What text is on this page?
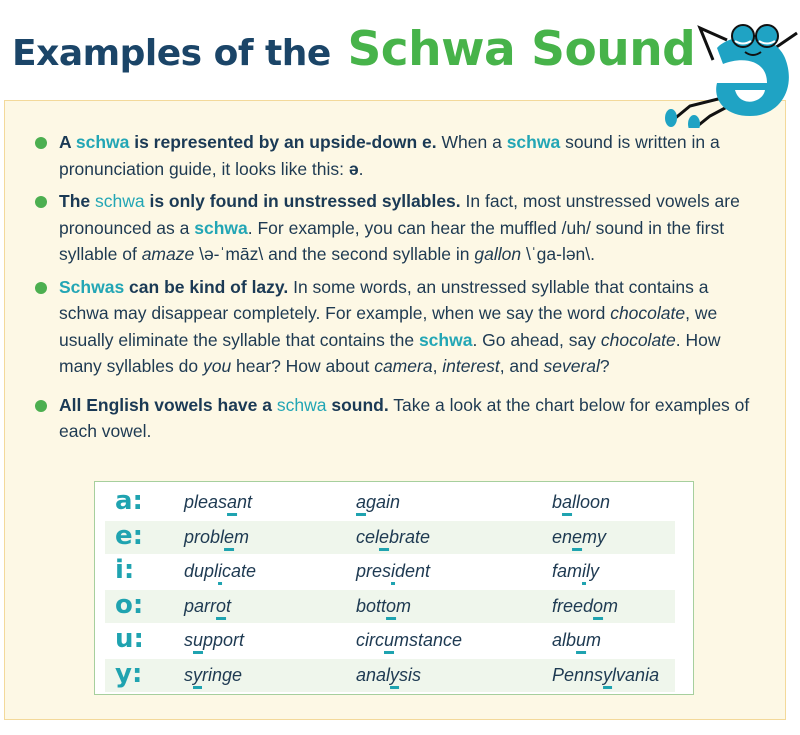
Examples of the Schwa Sound
A schwa is represented by an upside-down e. When a schwa sound is written in a pronunciation guide, it looks like this: ə.
The schwa is only found in unstressed syllables. In fact, most unstressed vowels are pronounced as a schwa. For example, you can hear the muffled /uh/ sound in the first syllable of amaze \ə-ˈmāz\ and the second syllable in gallon \ˈga-lən\.
Schwas can be kind of lazy. In some words, an unstressed syllable that contains a schwa may disappear completely. For example, when we say the word chocolate, we usually eliminate the syllable that contains the schwa. Go ahead, say chocolate. How many syllables do you hear? How about camera, interest, and several?
All English vowels have a schwa sound. Take a look at the chart below for examples of each vowel.
a: pleasant	again	balloon
e: problem	celebrate	enemy
i:	duplicate	president	family
o: parrot	bottom	freedom
u: support	circumstance	album
y: syringe	analysis	Pennsylvania
